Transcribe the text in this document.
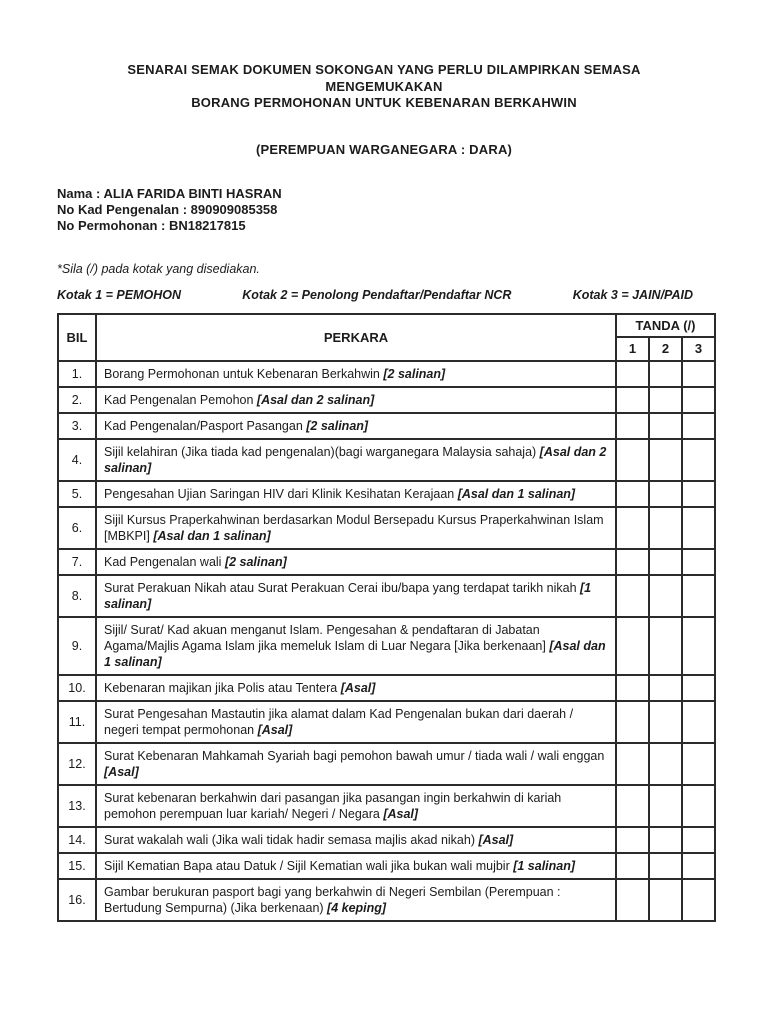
SENARAI SEMAK DOKUMEN SOKONGAN YANG PERLU DILAMPIRKAN SEMASA
MENGEMUKAKAN
BORANG PERMOHONAN UNTUK KEBENARAN BERKAHWIN
(PEREMPUAN WARGANEGARA : DARA)
Nama : ALIA FARIDA BINTI HASRAN
No Kad Pengenalan : 890909085358
No Permohonan : BN18217815
*Sila (/) pada kotak yang disediakan.
Kotak 1 = PEMOHON	Kotak 2 = Penolong Pendaftar/Pendaftar NCR	Kotak 3 = JAIN/PAID
BIL	PERKARA	TANDA (/)		
		1	2	3
1.	Borang Permohonan untuk Kebenaran Berkahwin [2 salinan]			
2.	Kad Pengenalan Pemohon [Asal dan 2 salinan]			
3.	Kad Pengenalan/Pasport Pasangan [2 salinan]			
4.	Sijil kelahiran (Jika tiada kad pengenalan)(bagi warganegara Malaysia sahaja) [Asal dan 2 salinan]			
5.	Pengesahan Ujian Saringan HIV dari Klinik Kesihatan Kerajaan [Asal dan 1 salinan]			
6.	Sijil Kursus Praperkahwinan berdasarkan Modul Bersepadu Kursus Praperkahwinan Islam [MBKPI] [Asal dan 1 salinan]			
7.	Kad Pengenalan wali [2 salinan]			
8.	Surat Perakuan Nikah atau Surat Perakuan Cerai ibu/bapa yang terdapat tarikh nikah [1 salinan]			
9.	Sijil/ Surat/ Kad akuan menganut Islam. Pengesahan & pendaftaran di Jabatan Agama/Majlis Agama Islam jika memeluk Islam di Luar Negara [Jika berkenaan] [Asal dan 1 salinan]			
10.	Kebenaran majikan jika Polis atau Tentera [Asal]			
11.	Surat Pengesahan Mastautin jika alamat dalam Kad Pengenalan bukan dari daerah / negeri tempat permohonan [Asal]			
12.	Surat Kebenaran Mahkamah Syariah bagi pemohon bawah umur / tiada wali / wali enggan [Asal]			
13.	Surat kebenaran berkahwin dari pasangan jika pasangan ingin berkahwin di kariah pemohon perempuan luar kariah/ Negeri / Negara [Asal]			
14.	Surat wakalah wali (Jika wali tidak hadir semasa majlis akad nikah) [Asal]			
15.	Sijil Kematian Bapa atau Datuk / Sijil Kematian wali jika bukan wali mujbir [1 salinan]			
16.	Gambar berukuran pasport bagi yang berkahwin di Negeri Sembilan (Perempuan : Bertudung Sempurna) (Jika berkenaan) [4 keping]			
